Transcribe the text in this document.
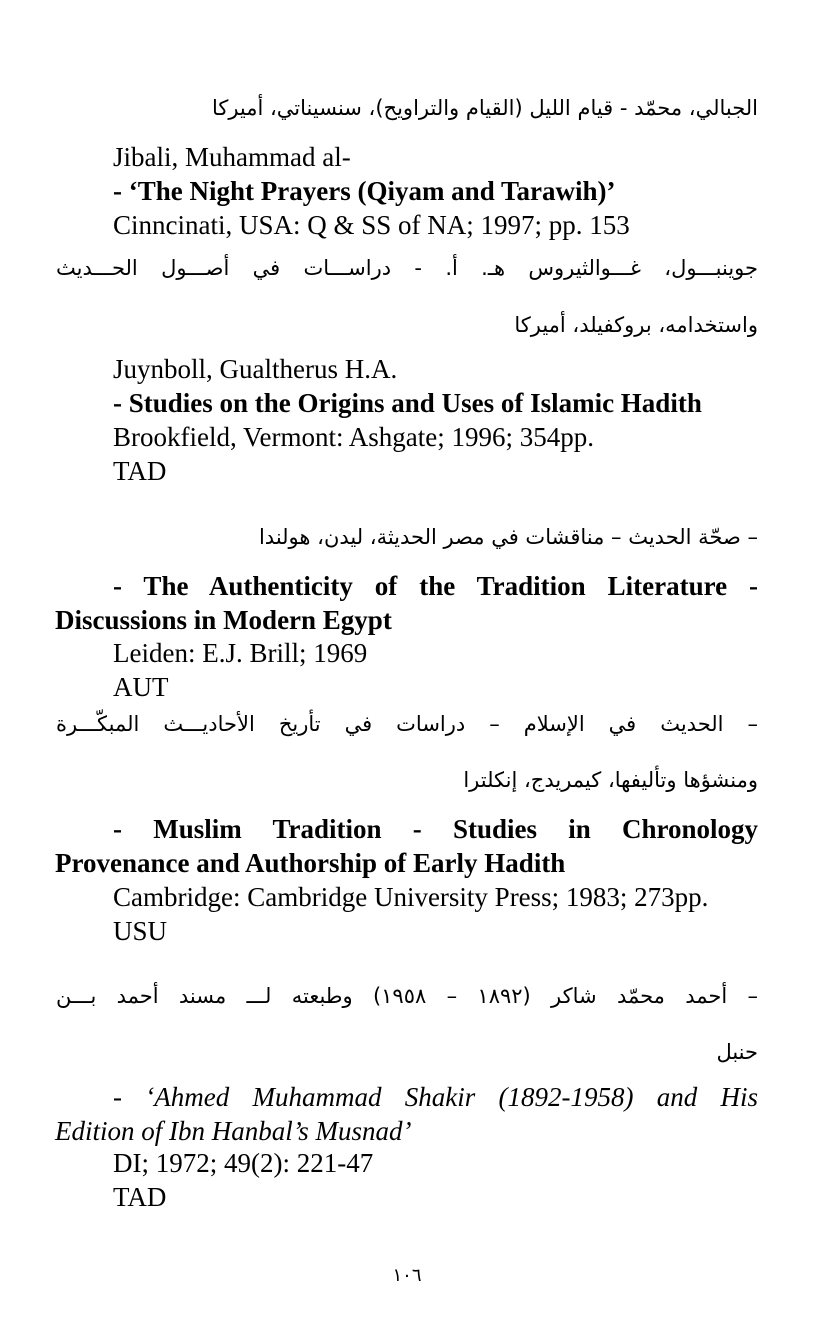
الجبالي، محمّد - قيام الليل (القيام والتراويح)، سنسيناتي، أميركا
Jibali, Muhammad al-
- ‘The Night Prayers (Qiyam and Tarawih)’
Cinncinati, USA: Q & SS of NA; 1997; pp. 153
جوينبـــول، غـــوالثيروس هـ. أ. - دراســـات في أصـــول الحـــديث
واستخدامه، بروكفيلد، أميركا
Juynboll, Gualtherus H.A.
- Studies on the Origins and Uses of Islamic Hadith
Brookfield, Vermont: Ashgate; 1996; 354pp.
TAD
– صحّة الحديث – مناقشات في مصر الحديثة، ليدن، هولندا
- The Authenticity of the Tradition Literature -
Discussions in Modern Egypt
Leiden: E.J. Brill; 1969
AUT
– الحديث في الإسلام – دراسات في تأريخ الأحاديـــث المبكّـــرة
ومنشؤها وتأليفها، كيمريدج، إنكلترا
- Muslim Tradition - Studies in Chronology
Provenance and Authorship of Early Hadith
Cambridge: Cambridge University Press; 1983; 273pp.
USU
– أحمد محمّد شاكر (١٨٩٢ – ١٩٥٨) وطبعته لـــ مسند أحمد بـــن
حنبل
- ‘Ahmed Muhammad Shakir (1892-1958) and His
Edition of Ibn Hanbal’s Musnad’
DI; 1972; 49(2): 221-47
TAD
١٠٦
